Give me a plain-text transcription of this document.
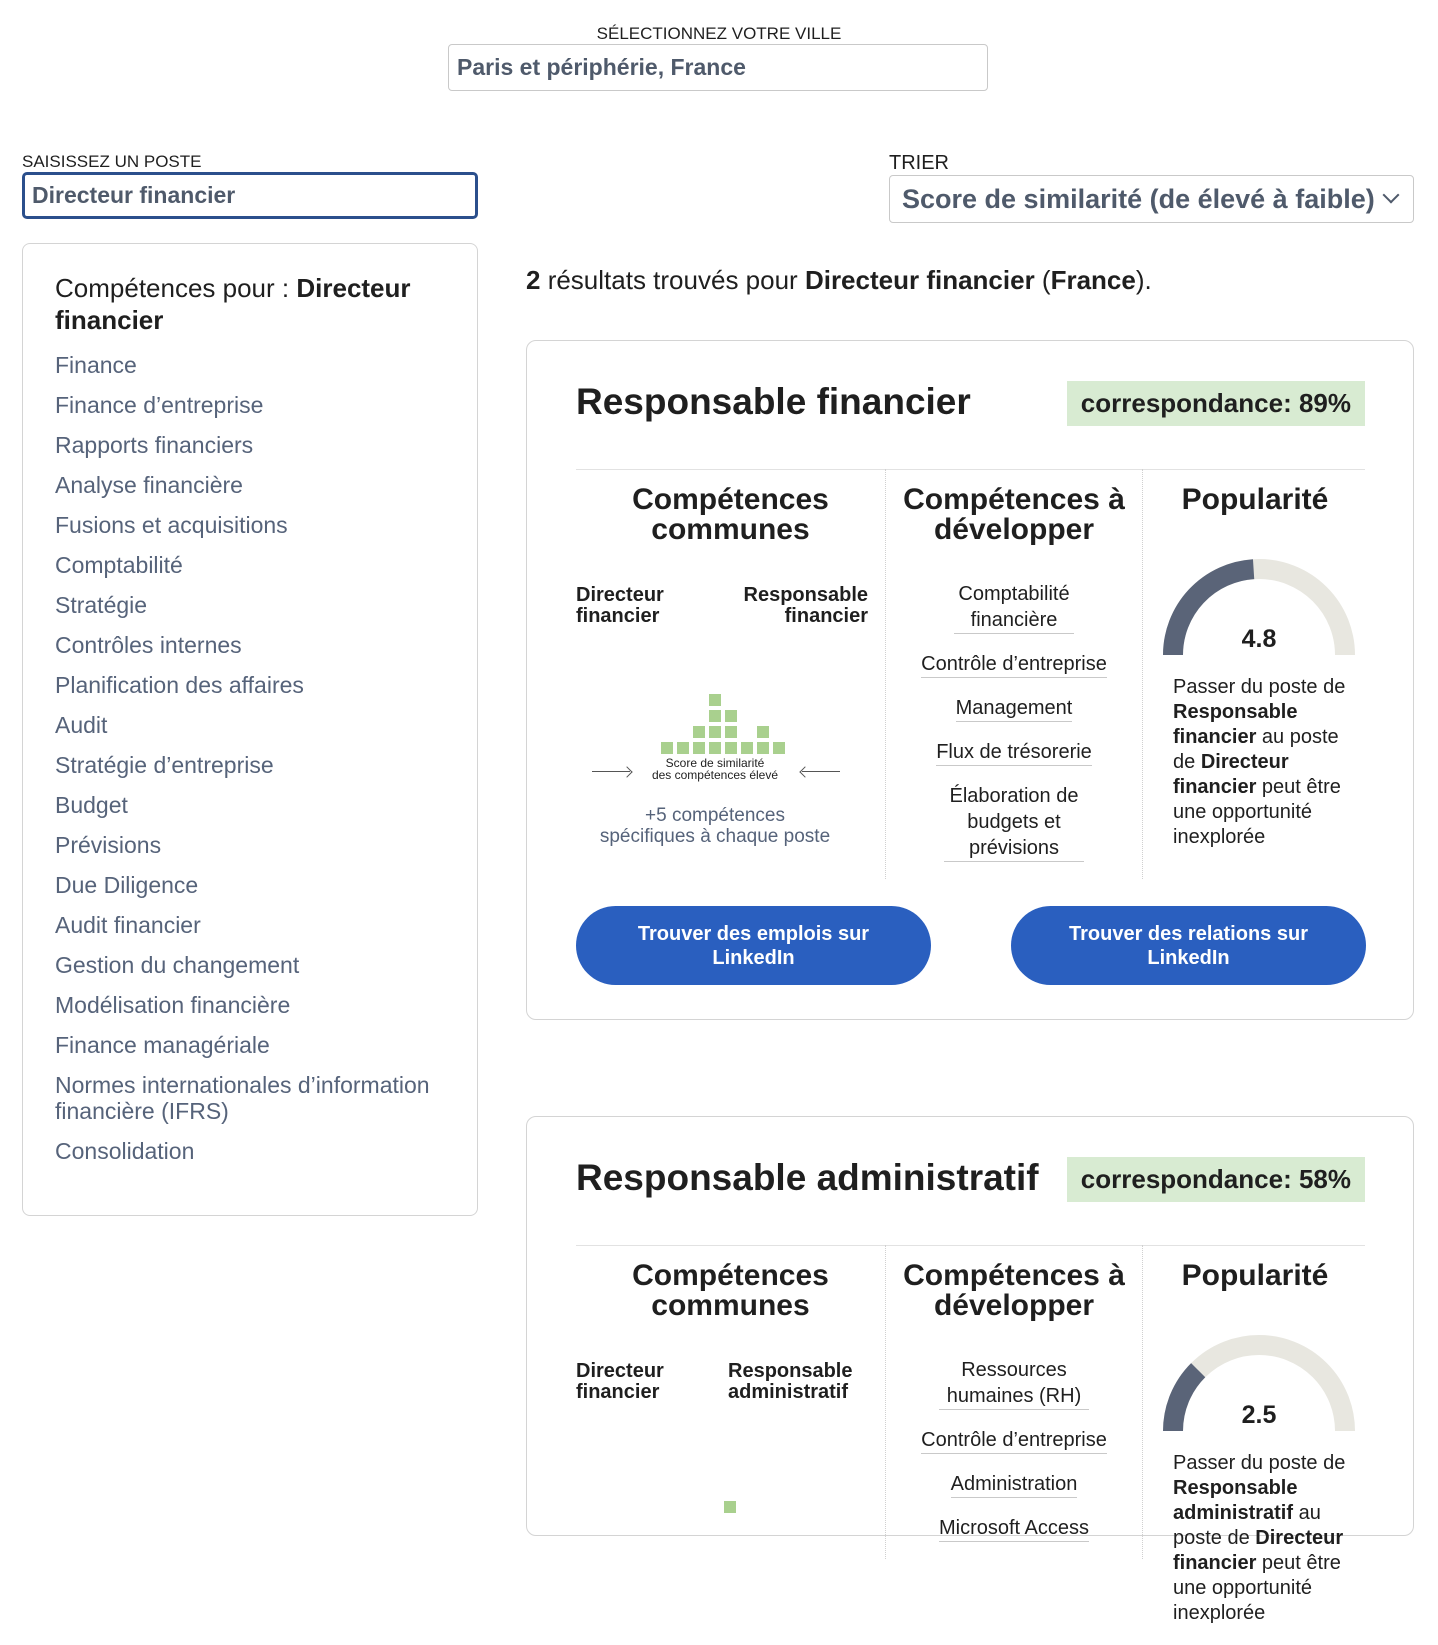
SÉLECTIONNEZ VOTRE VILLE
Paris et périphérie, France
SAISISSEZ UN POSTE
Directeur financier	TRIER
Score de similarité (de élevé à faible)
Compétences pour : Directeur financier
Finance
Finance d’entreprise
Rapports financiers
Analyse financière
Fusions et acquisitions
Comptabilité
Stratégie
Contrôles internes
Planification des affaires
Audit
Stratégie d’entreprise
Budget
Prévisions
Due Diligence
Audit financier
Gestion du changement
Modélisation financière
Finance managériale
Normes internationales d’information financière (IFRS)
Consolidation
2 résultats trouvés pour Directeur financier (France).
Responsable financier	correspondance: 89%
Compétences communes
Directeur financier
Responsable financier
Score de similarité
des compétences élevé
+5 compétences spécifiques à chaque poste
Compétences à développer
Comptabilité financière
Contrôle d’entreprise
Management
Flux de trésorerie
Élaboration de budgets et prévisions
Popularité
4.8
Passer du poste de Responsable financier au poste de Directeur financier peut être une opportunité inexplorée
Trouver des emplois sur LinkedIn
Trouver des relations sur LinkedIn
Responsable administratif	correspondance: 58%
Compétences communes
Directeur financier
Responsable administratif
Compétences à développer
Ressources humaines (RH)
Contrôle d’entreprise
Administration
Microsoft Access
Popularité
2.5
Passer du poste de Responsable administratif au poste de Directeur financier peut être une opportunité inexplorée
